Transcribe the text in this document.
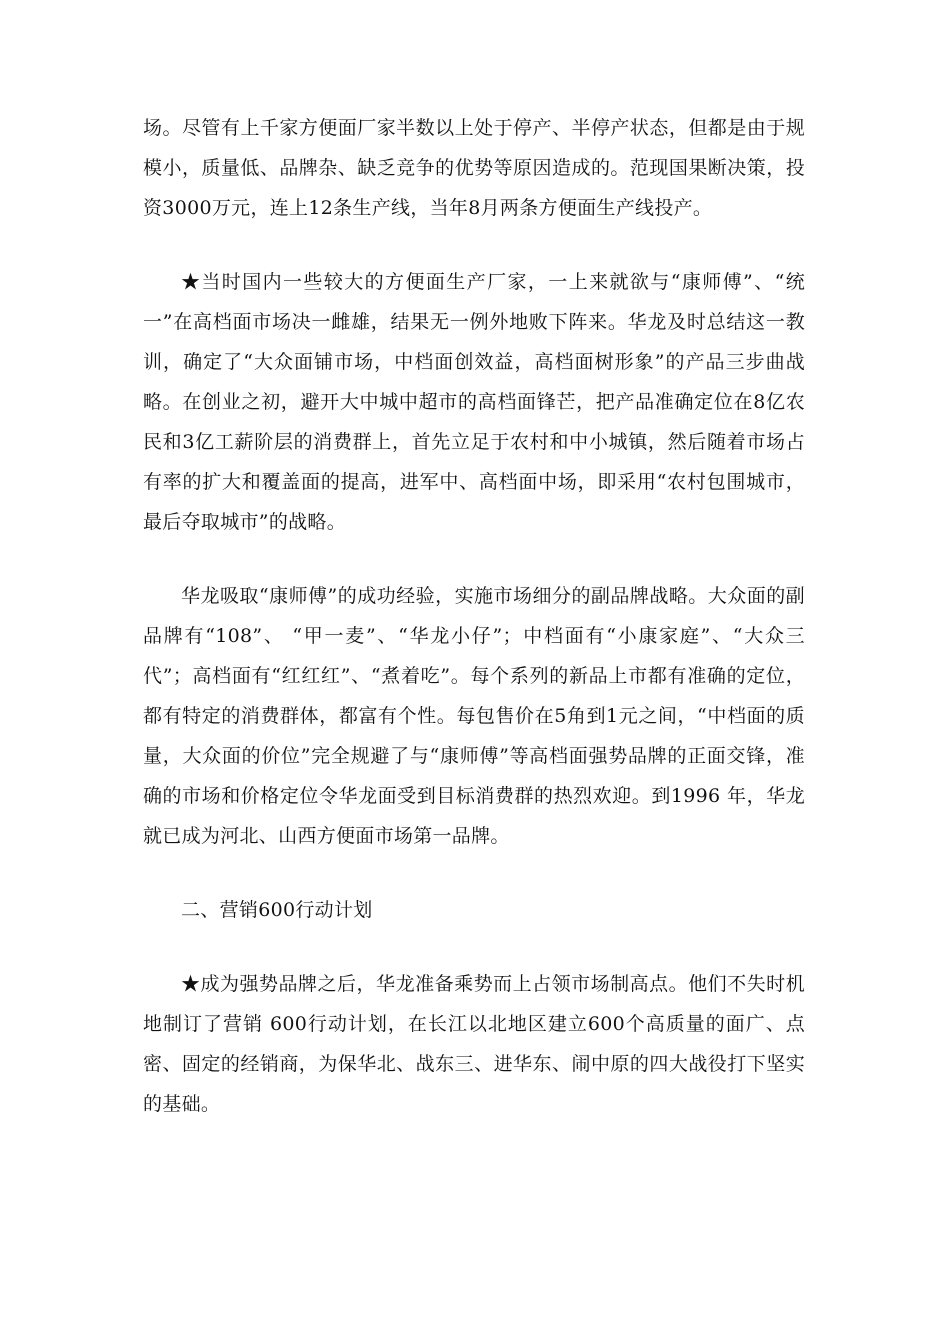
场。尽管有上千家方便面厂家半数以上处于停产、半停产状态，但都是由于规模小，质量低、品牌杂、缺乏竞争的优势等原因造成的。范现国果断决策，投资3000万元，连上12条生产线，当年8月两条方便面生产线投产。

★当时国内一些较大的方便面生产厂家，一上来就欲与“康师傅”、“统一”在高档面市场决一雌雄，结果无一例外地败下阵来。华龙及时总结这一教训，确定了“大众面铺市场，中档面创效益，高档面树形象”的产品三步曲战略。在创业之初，避开大中城中超市的高档面锋芒，把产品准确定位在8亿农民和3亿工薪阶层的消费群上，首先立足于农村和中小城镇，然后随着市场占有率的扩大和覆盖面的提高，进军中、高档面中场，即采用“农村包围城市，最后夺取城市”的战略。

华龙吸取“康师傅”的成功经验，实施市场细分的副品牌战略。大众面的副品牌有“108”、 “甲一麦”、“华龙小仔”；中档面有“小康家庭”、“大众三代”；高档面有“红红红”、“煮着吃”。每个系列的新品上市都有准确的定位，都有特定的消费群体，都富有个性。每包售价在5角到1元之间，“中档面的质量，大众面的价位”完全规避了与“康师傅”等高档面强势品牌的正面交锋，准确的市场和价格定位令华龙面受到目标消费群的热烈欢迎。到1996 年，华龙就已成为河北、山西方便面市场第一品牌。

二、营销600行动计划

★成为强势品牌之后，华龙准备乘势而上占领市场制高点。他们不失时机地制订了营销 600行动计划，在长江以北地区建立600个高质量的面广、点密、固定的经销商，为保华北、战东三、进华东、闹中原的四大战役打下坚实的基础。
